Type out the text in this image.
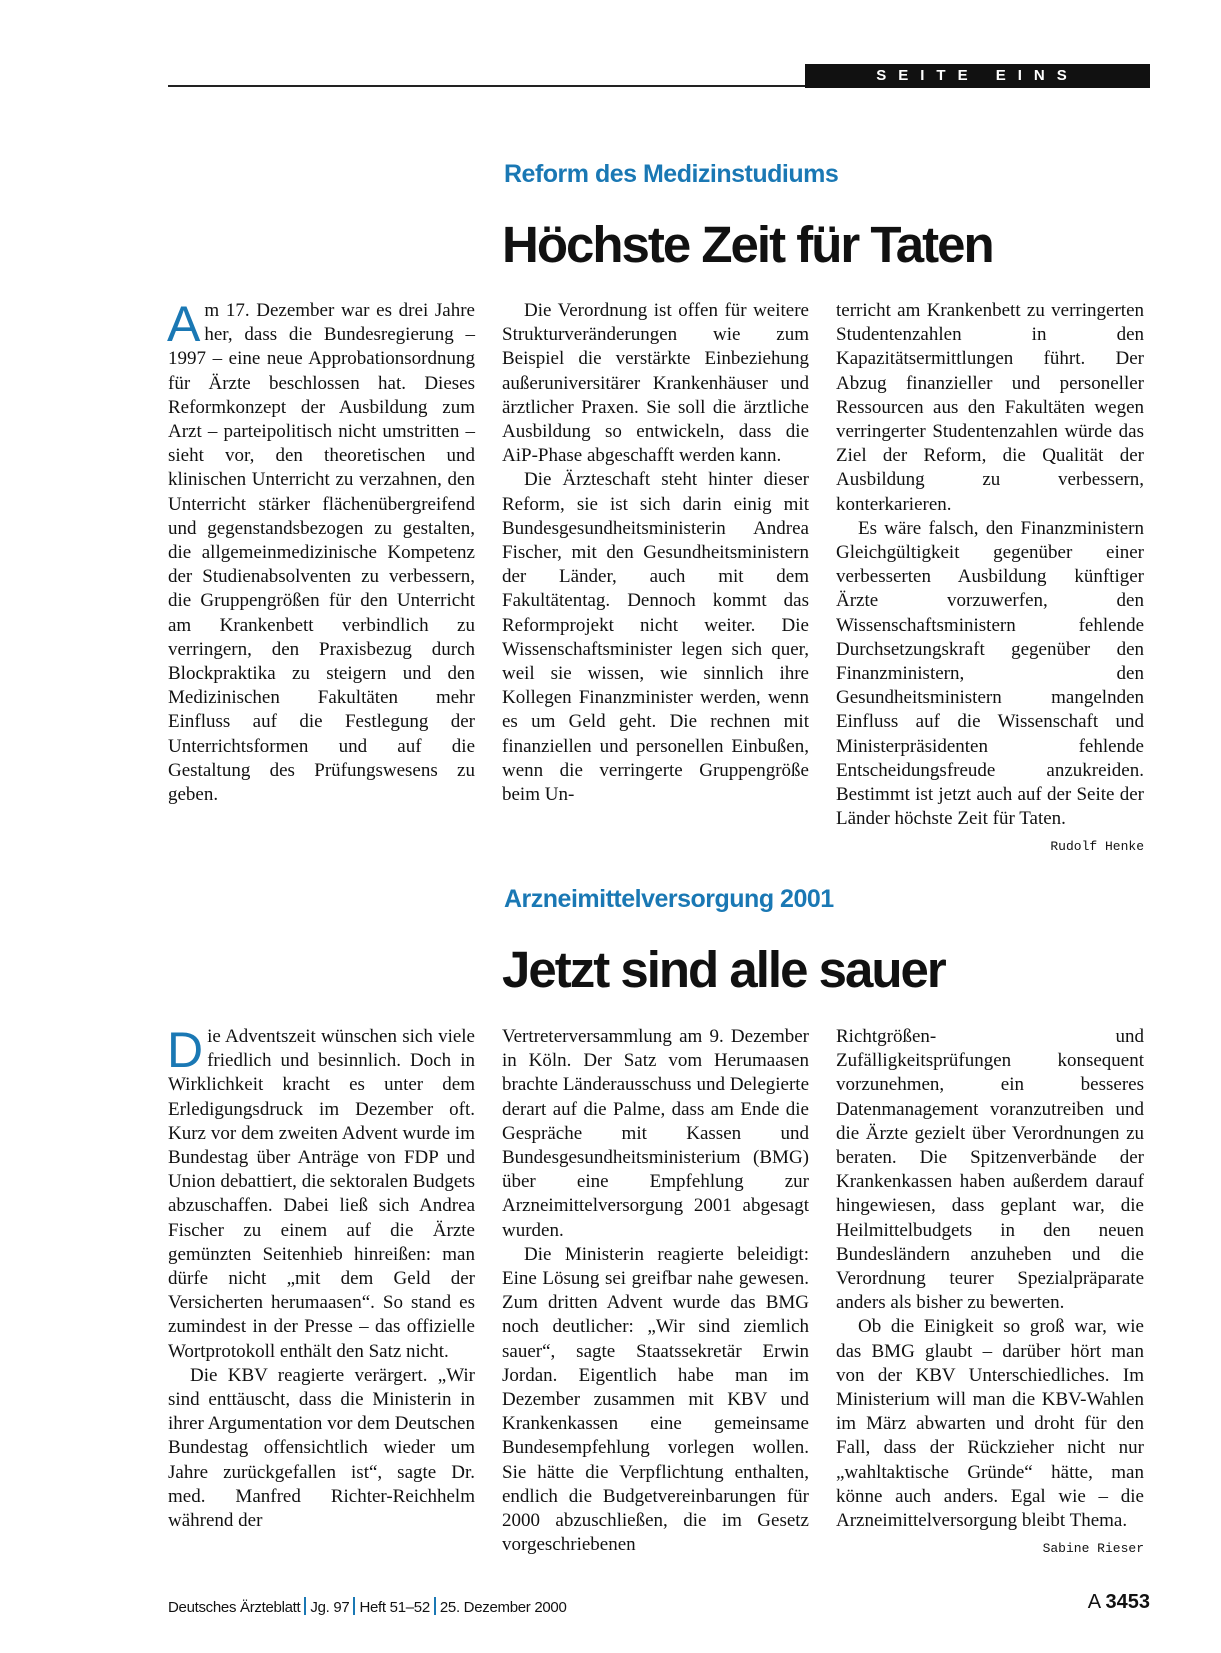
SEITE EINS
Reform des Medizinstudiums
Höchste Zeit für Taten

Am 17. Dezember war es drei Jahre her, dass die Bundesregierung – 1997 – eine neue Approbationsordnung für Ärzte beschlossen hat. Dieses Reformkonzept der Ausbildung zum Arzt – parteipolitisch nicht umstritten – sieht vor, den theoretischen und klinischen Unterricht zu verzahnen, den Unterricht stärker flächenübergreifend und gegenstandsbezogen zu gestalten, die allgemeinmedizinische Kompetenz der Studienabsolventen zu verbessern, die Gruppengrößen für den Unterricht am Krankenbett verbindlich zu verringern, den Praxisbezug durch Blockpraktika zu steigern und den Medizinischen Fakultäten mehr Einfluss auf die Festlegung der Unterrichtsformen und auf die Gestaltung des Prüfungswesens zu geben.

Die Verordnung ist offen für weitere Strukturveränderungen wie zum Beispiel die verstärkte Einbeziehung außeruniversitärer Krankenhäuser und ärztlicher Praxen. Sie soll die ärztliche Ausbildung so entwickeln, dass die AiP-Phase abgeschafft werden kann.

Die Ärzteschaft steht hinter dieser Reform, sie ist sich darin einig mit Bundesgesundheitsministerin Andrea Fischer, mit den Gesundheitsministern der Länder, auch mit dem Fakultätentag. Dennoch kommt das Reformprojekt nicht weiter. Die Wissenschaftsminister legen sich quer, weil sie wissen, wie sinnlich ihre Kollegen Finanzminister werden, wenn es um Geld geht. Die rechnen mit finanziellen und personellen Einbußen, wenn die verringerte Gruppengröße beim Un-

terricht am Krankenbett zu verringerten Studentenzahlen in den Kapazitätsermittlungen führt. Der Abzug finanzieller und personeller Ressourcen aus den Fakultäten wegen verringerter Studentenzahlen würde das Ziel der Reform, die Qualität der Ausbildung zu verbessern, konterkarieren.

Es wäre falsch, den Finanzministern Gleichgültigkeit gegenüber einer verbesserten Ausbildung künftiger Ärzte vorzuwerfen, den Wissenschaftsministern fehlende Durchsetzungskraft gegenüber den Finanzministern, den Gesundheitsministern mangelnden Einfluss auf die Wissenschaft und Ministerpräsidenten fehlende Entscheidungsfreude anzukreiden. Bestimmt ist jetzt auch auf der Seite der Länder höchste Zeit für Taten.
Rudolf Henke

Arzneimittelversorgung 2001
Jetzt sind alle sauer

Die Adventszeit wünschen sich viele friedlich und besinnlich. Doch in Wirklichkeit kracht es unter dem Erledigungsdruck im Dezember oft. Kurz vor dem zweiten Advent wurde im Bundestag über Anträge von FDP und Union debattiert, die sektoralen Budgets abzuschaffen. Dabei ließ sich Andrea Fischer zu einem auf die Ärzte gemünzten Seitenhieb hinreißen: man dürfe nicht „mit dem Geld der Versicherten herumaasen“. So stand es zumindest in der Presse – das offizielle Wortprotokoll enthält den Satz nicht.

Die KBV reagierte verärgert. „Wir sind enttäuscht, dass die Ministerin in ihrer Argumentation vor dem Deutschen Bundestag offensichtlich wieder um Jahre zurückgefallen ist“, sagte Dr. med. Manfred Richter-Reichhelm während der

Vertreterversammlung am 9. Dezember in Köln. Der Satz vom Herumaasen brachte Länderausschuss und Delegierte derart auf die Palme, dass am Ende die Gespräche mit Kassen und Bundesgesundheitsministerium (BMG) über eine Empfehlung zur Arzneimittelversorgung 2001 abgesagt wurden.

Die Ministerin reagierte beleidigt: Eine Lösung sei greifbar nahe gewesen. Zum dritten Advent wurde das BMG noch deutlicher: „Wir sind ziemlich sauer“, sagte Staatssekretär Erwin Jordan. Eigentlich habe man im Dezember zusammen mit KBV und Krankenkassen eine gemeinsame Bundesempfehlung vorlegen wollen. Sie hätte die Verpflichtung enthalten, endlich die Budgetvereinbarungen für 2000 abzuschließen, die im Gesetz vorgeschriebenen

Richtgrößen- und Zufälligkeitsprüfungen konsequent vorzunehmen, ein besseres Datenmanagement voranzutreiben und die Ärzte gezielt über Verordnungen zu beraten. Die Spitzenverbände der Krankenkassen haben außerdem darauf hingewiesen, dass geplant war, die Heilmittelbudgets in den neuen Bundesländern anzuheben und die Verordnung teurer Spezialpräparate anders als bisher zu bewerten.

Ob die Einigkeit so groß war, wie das BMG glaubt – darüber hört man von der KBV Unterschiedliches. Im Ministerium will man die KBV-Wahlen im März abwarten und droht für den Fall, dass der Rückzieher nicht nur „wahltaktische Gründe“ hätte, man könne auch anders. Egal wie – die Arzneimittelversorgung bleibt Thema.
Sabine Rieser

Deutsches Ärzteblatt Jg. 97 Heft 51–52 25. Dezember 2000	A 3453
